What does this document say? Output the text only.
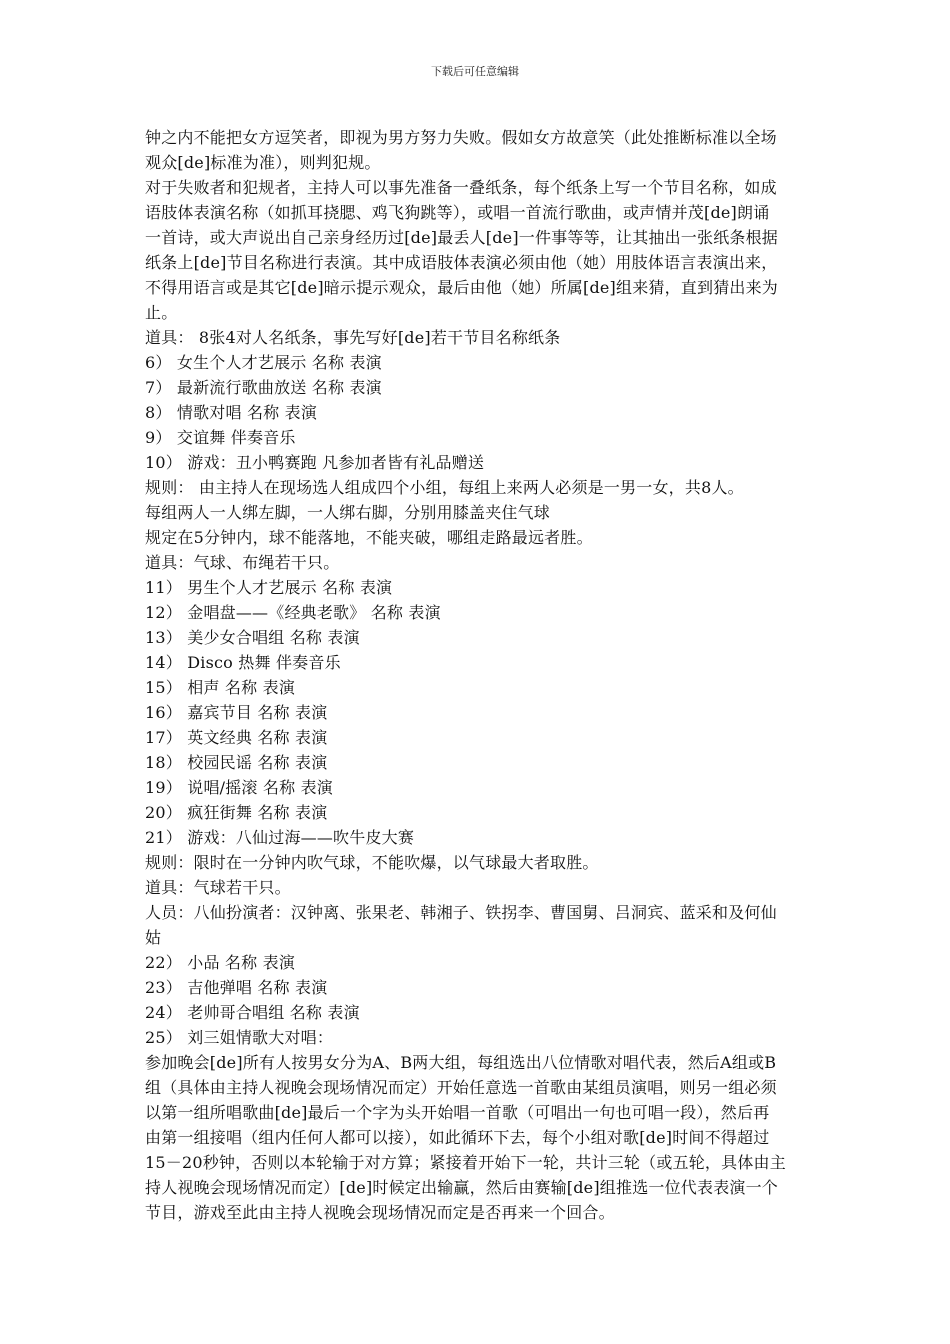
下载后可任意编辑
钟之内不能把女方逗笑者，即视为男方努力失败。假如女方故意笑（此处推断标准以全场
观众[de]标准为准），则判犯规。
对于失败者和犯规者，主持人可以事先准备一叠纸条，每个纸条上写一个节目名称，如成
语肢体表演名称（如抓耳挠腮、鸡飞狗跳等），或唱一首流行歌曲，或声情并茂[de]朗诵
一首诗，或大声说出自己亲身经历过[de]最丢人[de]一件事等等，让其抽出一张纸条根据
纸条上[de]节目名称进行表演。其中成语肢体表演必须由他（她）用肢体语言表演出来，
不得用语言或是其它[de]暗示提示观众，最后由他（她）所属[de]组来猜，直到猜出来为
止。
道具： 8张4对人名纸条，事先写好[de]若干节目名称纸条
6） 女生个人才艺展示 名称 表演
7） 最新流行歌曲放送 名称 表演
8） 情歌对唱 名称 表演
9） 交谊舞 伴奏音乐
10） 游戏：丑小鸭赛跑 凡参加者皆有礼品赠送
规则： 由主持人在现场选人组成四个小组，每组上来两人必须是一男一女，共8人。
每组两人一人绑左脚，一人绑右脚，分别用膝盖夹住气球
规定在5分钟内，球不能落地，不能夹破，哪组走路最远者胜。
道具：气球、布绳若干只。
11） 男生个人才艺展示 名称 表演
12） 金唱盘——《经典老歌》 名称 表演
13） 美少女合唱组 名称 表演
14） Disco 热舞 伴奏音乐
15） 相声 名称 表演
16） 嘉宾节目 名称 表演
17） 英文经典 名称 表演
18） 校园民谣 名称 表演
19） 说唱/摇滚 名称 表演
20） 疯狂街舞 名称 表演
21） 游戏：八仙过海——吹牛皮大赛
规则：限时在一分钟内吹气球，不能吹爆，以气球最大者取胜。
道具：气球若干只。
人员：八仙扮演者：汉钟离、张果老、韩湘子、铁拐李、曹国舅、吕洞宾、蓝采和及何仙
姑
22） 小品 名称 表演
23） 吉他弹唱 名称 表演
24） 老帅哥合唱组 名称 表演
25） 刘三姐情歌大对唱：
参加晚会[de]所有人按男女分为A、B两大组，每组选出八位情歌对唱代表，然后A组或B
组（具体由主持人视晚会现场情况而定）开始任意选一首歌由某组员演唱，则另一组必须
以第一组所唱歌曲[de]最后一个字为头开始唱一首歌（可唱出一句也可唱一段），然后再
由第一组接唱（组内任何人都可以接），如此循环下去，每个小组对歌[de]时间不得超过
15－20秒钟，否则以本轮输于对方算；紧接着开始下一轮，共计三轮（或五轮，具体由主
持人视晚会现场情况而定）[de]时候定出输赢，然后由赛输[de]组推选一位代表表演一个
节目，游戏至此由主持人视晚会现场情况而定是否再来一个回合。
